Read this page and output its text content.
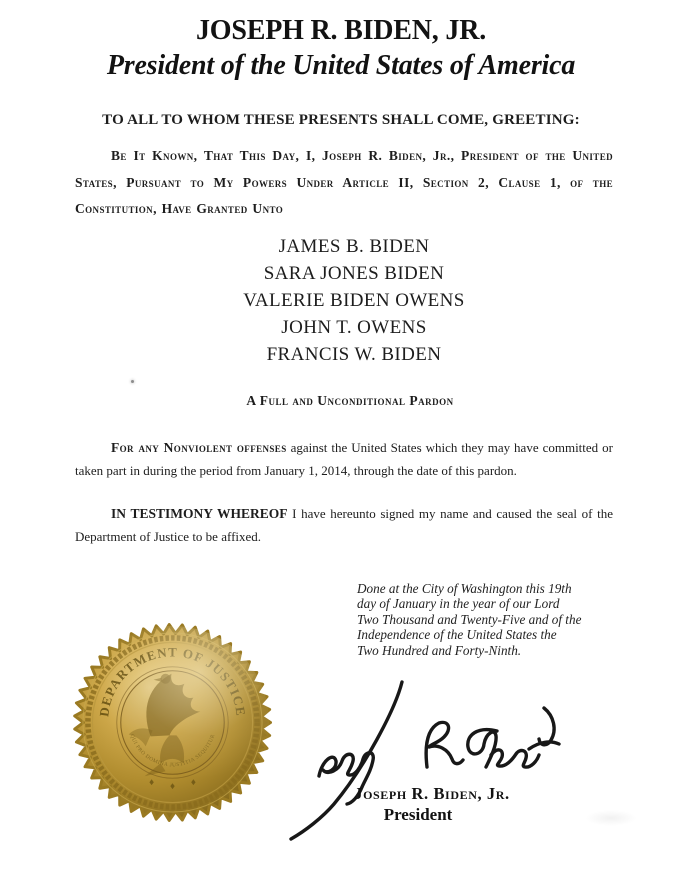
JOSEPH R. BIDEN, JR.
President of the United States of America
TO ALL TO WHOM THESE PRESENTS SHALL COME, GREETING:

Be It Known, That This Day, I, Joseph R. Biden, Jr., President of the United States, Pursuant to My Powers Under Article II, Section 2, Clause 1, of the Constitution, Have Granted Unto

JAMES B. BIDEN
SARA JONES BIDEN
VALERIE BIDEN OWENS
JOHN T. OWENS
FRANCIS W. BIDEN
A Full and Unconditional Pardon

For any Nonviolent offenses against the United States which they may have committed or taken part in during the period from January 1, 2014, through the date of this pardon.

IN TESTIMONY WHEREOF I have hereunto signed my name and caused the seal of the Department of Justice to be affixed.

Done at the City of Washington this 19th
day of January in the year of our Lord
Two Thousand and Twenty-Five and of the
Independence of the United States the
Two Hundred and Forty-Ninth.
Joseph R. Biden, Jr.
President
